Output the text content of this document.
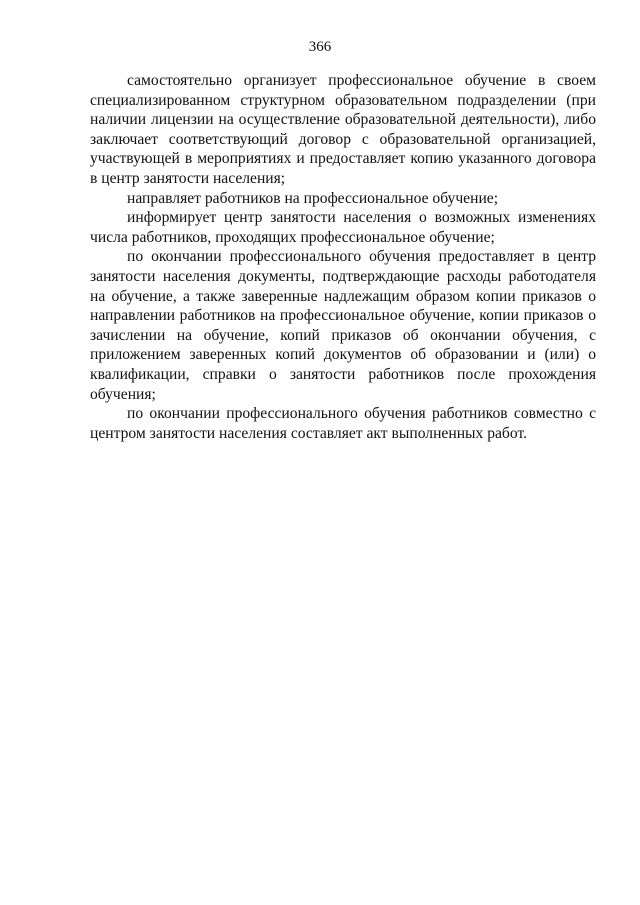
366

самостоятельно организует профессиональное обучение в своем специализированном структурном образовательном подразделении (при наличии лицензии на осуществление образовательной деятельности), либо заключает соответствующий договор с образовательной организацией, участвующей в мероприятиях и предоставляет копию указанного договора в центр занятости населения;

направляет работников на профессиональное обучение;

информирует центр занятости населения о возможных изменениях числа работников, проходящих профессиональное обучение;

по окончании профессионального обучения предоставляет в центр занятости населения документы, подтверждающие расходы работодателя на обучение, а также заверенные надлежащим образом копии приказов о направлении работников на профессиональное обучение, копии приказов о зачислении на обучение, копий приказов об окончании обучения, с приложением заверенных копий документов об образовании и (или) о квалификации, справки о занятости работников после прохождения обучения;

по окончании профессионального обучения работников совместно с центром занятости населения составляет акт выполненных работ.
